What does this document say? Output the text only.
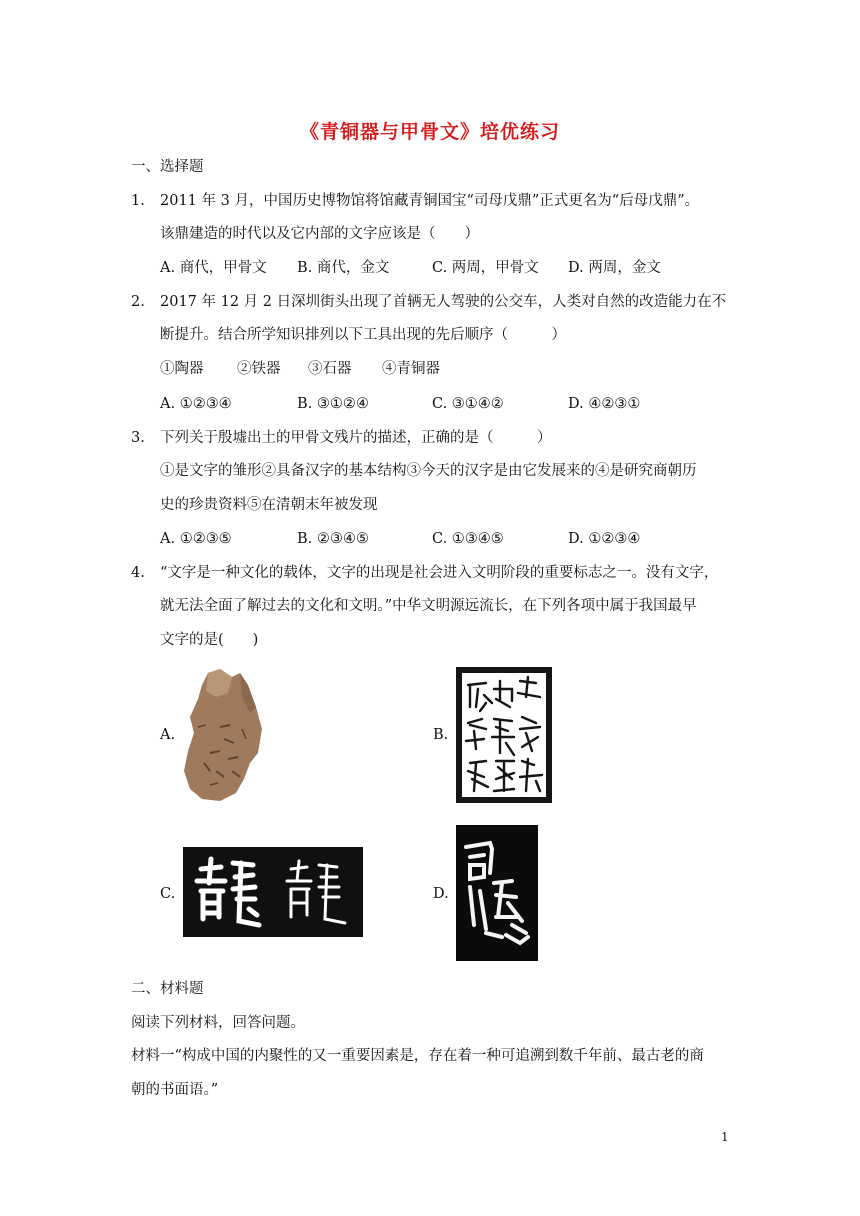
《青铜器与甲骨文》培优练习
一、选择题
1. 2011 年 3 月，中国历史博物馆将馆藏青铜国宝“司母戊鼎”正式更名为“后母戊鼎”。
该鼎建造的时代以及它内部的文字应该是（　　）
A. 商代，甲骨文 B. 商代，金文	C. 两周，甲骨文 D. 两周，金文
2. 2017 年 12 月 2 日深圳街头出现了首辆无人驾驶的公交车，人类对自然的改造能力在不
断提升。结合所学知识排列以下工具出现的先后顺序（　　　）
①陶器 ②铁器 ③石器 ④青铜器
A. ①②③④	B. ③①②④	C. ③①④②	D. ④②③①
3. 下列关于殷墟出土的甲骨文残片的描述，正确的是（　　　）
①是文字的雏形②具备汉字的基本结构③今天的汉字是由它发展来的④是研究商朝历
史的珍贵资料⑤在清朝末年被发现
A. ①②③⑤	B. ②③④⑤	C. ①③④⑤	D. ①②③④
4. “文字是一种文化的载体，文字的出现是社会进入文明阶段的重要标志之一。没有文字，
就无法全面了解过去的文化和文明。”中华文明源远流长，在下列各项中属于我国最早
文字的是(　　)
A.	B.
C.	D.
二、材料题
阅读下列材料，回答问题。
材料一“构成中国的内聚性的又一重要因素是，存在着一种可追溯到数千年前、最古老的商
朝的书面语。”
1
